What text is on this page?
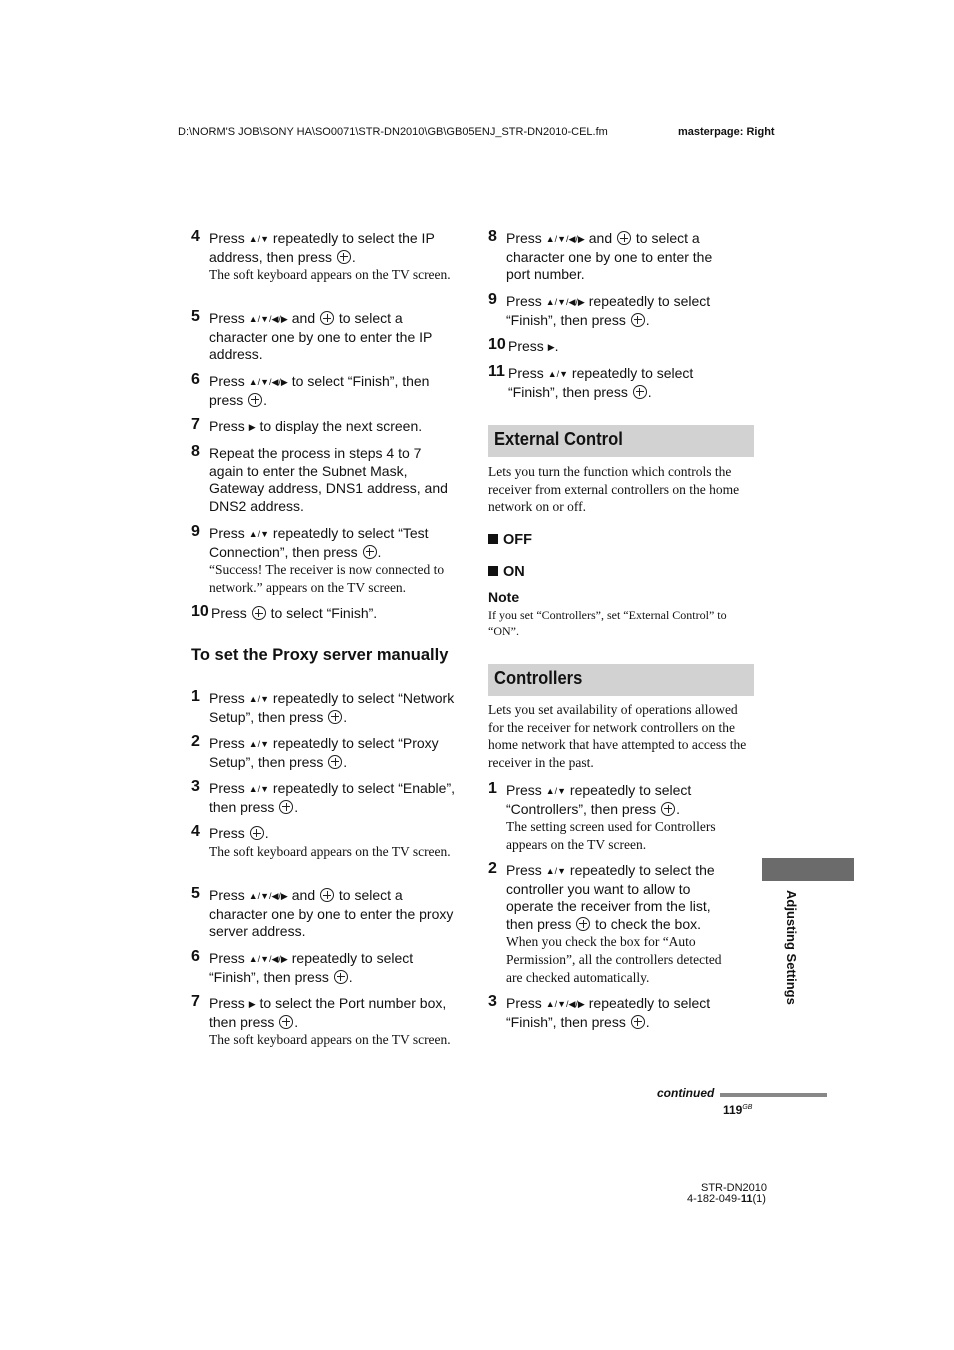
D:\NORM'S JOB\SONY HA\SO0071\STR-DN2010\GB\GB05ENJ_STR-DN2010-CEL.fm	masterpage: Right
4 Press ▲/▼ repeatedly to select the IP address, then press .
The soft keyboard appears on the TV screen.
5 Press ▲/▼/◀/▶ and  to select a character one by one to enter the IP address.
6 Press ▲/▼/◀/▶ to select “Finish”, then press .
7 Press ▶ to display the next screen.
8 Repeat the process in steps 4 to 7 again to enter the Subnet Mask, Gateway address, DNS1 address, and DNS2 address.
9 Press ▲/▼ repeatedly to select “Test Connection”, then press .
“Success! The receiver is now connected to network.” appears on the TV screen.
10 Press  to select “Finish”.
To set the Proxy server manually
1 Press ▲/▼ repeatedly to select “Network Setup”, then press .
2 Press ▲/▼ repeatedly to select “Proxy Setup”, then press .
3 Press ▲/▼ repeatedly to select “Enable”, then press .
4 Press .
The soft keyboard appears on the TV screen.
5 Press ▲/▼/◀/▶ and  to select a character one by one to enter the proxy server address.
6 Press ▲/▼/◀/▶ repeatedly to select “Finish”, then press .
7 Press ▶ to select the Port number box, then press .
The soft keyboard appears on the TV screen.
8 Press ▲/▼/◀/▶ and  to select a character one by one to enter the port number.
9 Press ▲/▼/◀/▶ repeatedly to select “Finish”, then press .
10 Press ▶.
11 Press ▲/▼ repeatedly to select “Finish”, then press .
External Control
Lets you turn the function which controls the receiver from external controllers on the home network on or off.
OFF
ON
Note
If you set “Controllers”, set “External Control” to “ON”.
Controllers
Lets you set availability of operations allowed for the receiver for network controllers on the home network that have attempted to access the receiver in the past.
1 Press ▲/▼ repeatedly to select “Controllers”, then press .
The setting screen used for Controllers appears on the TV screen.
2 Press ▲/▼ repeatedly to select the controller you want to allow to operate the receiver from the list, then press  to check the box.
When you check the box for “Auto Permission”, all the controllers detected are checked automatically.
3 Press ▲/▼/◀/▶ repeatedly to select “Finish”, then press .
Adjusting Settings
continued
$119^{GB}$
STR-DN2010
4-182-049-11(1)
